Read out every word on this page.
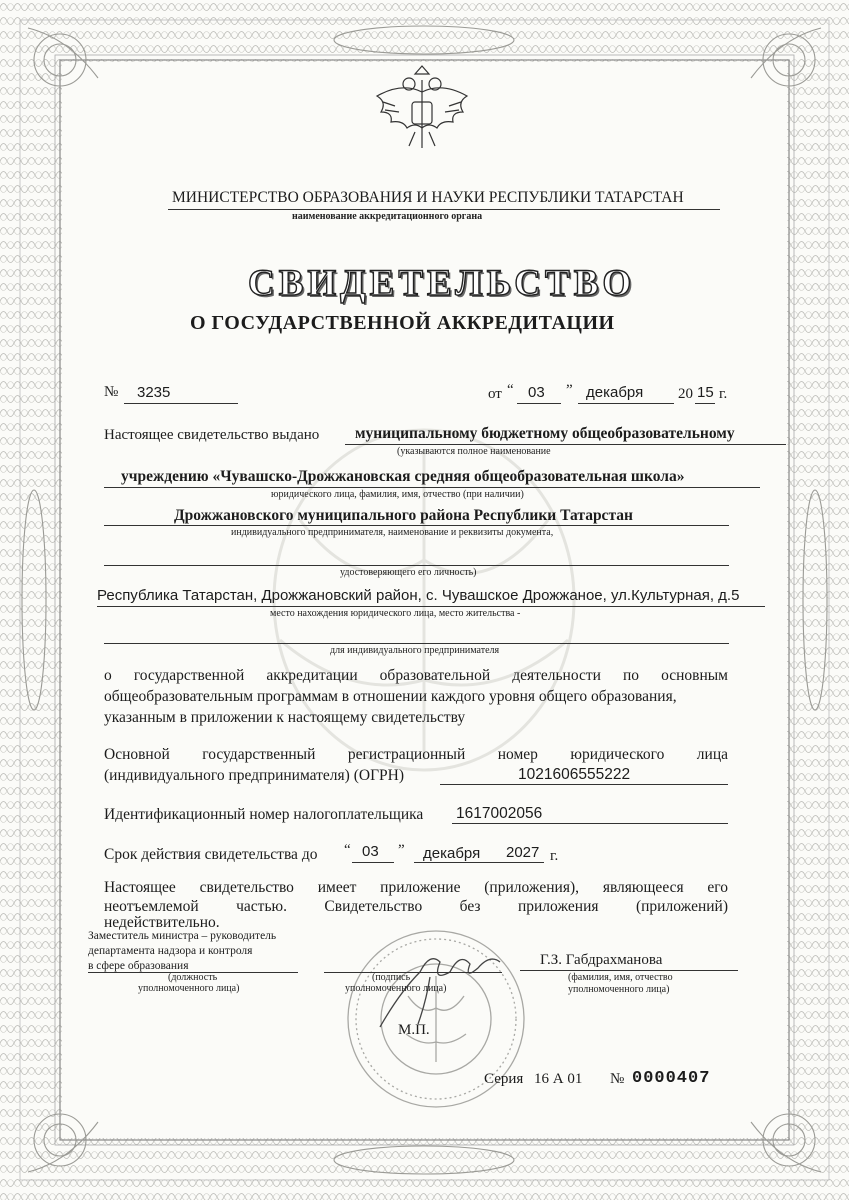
МИНИСТЕРСТВО ОБРАЗОВАНИЯ И НАУКИ РЕСПУБЛИКИ ТАТАРСТАН
наименование аккредитационного органа
СВИДЕТЕЛЬСТВО
О ГОСУДАРСТВЕННОЙ АККРЕДИТАЦИИ
№ 3235	от “ 03 ” декабря 20 15 г.
Настоящее свидетельство выдано муниципальному бюджетному общеобразовательному
(указываются полное наименование
учреждению «Чувашско-Дрожжановская средняя общеобразовательная школа»
юридического лица, фамилия, имя, отчество (при наличии)
Дрожжановского муниципального района Республики Татарстан
индивидуального предпринимателя, наименование и реквизиты документа,
удостоверяющего его личность)
Республика Татарстан, Дрожжановский район, с. Чувашское Дрожжаное, ул.Культурная, д.5
место нахождения юридического лица, место жительства -
для индивидуального предпринимателя
о государственной аккредитации образовательной деятельности по основным
общеобразовательным программам в отношении каждого уровня общего образования,
указанным в приложении к настоящему свидетельству
Основной государственный регистрационный номер юридического лица
(индивидуального предпринимателя) (ОГРН)	1021606555222
Идентификационный номер налогоплательщика 1617002056
Срок действия свидетельства до “ 03 ” декабря 2027 г.
Настоящее свидетельство имеет приложение (приложения), являющееся его
неотъемлемой частью. Свидетельство без приложения (приложений)
недействительно.
Заместитель министра – руководитель
департамента надзора и контроля
в сфере образования
(должность
уполномоченного лица)
(подпись
уполномоченного лица)
Г.З. Габдрахманова
(фамилия, имя, отчество
уполномоченного лица)
М.П.
Серия 16 А 01 № 0000407
